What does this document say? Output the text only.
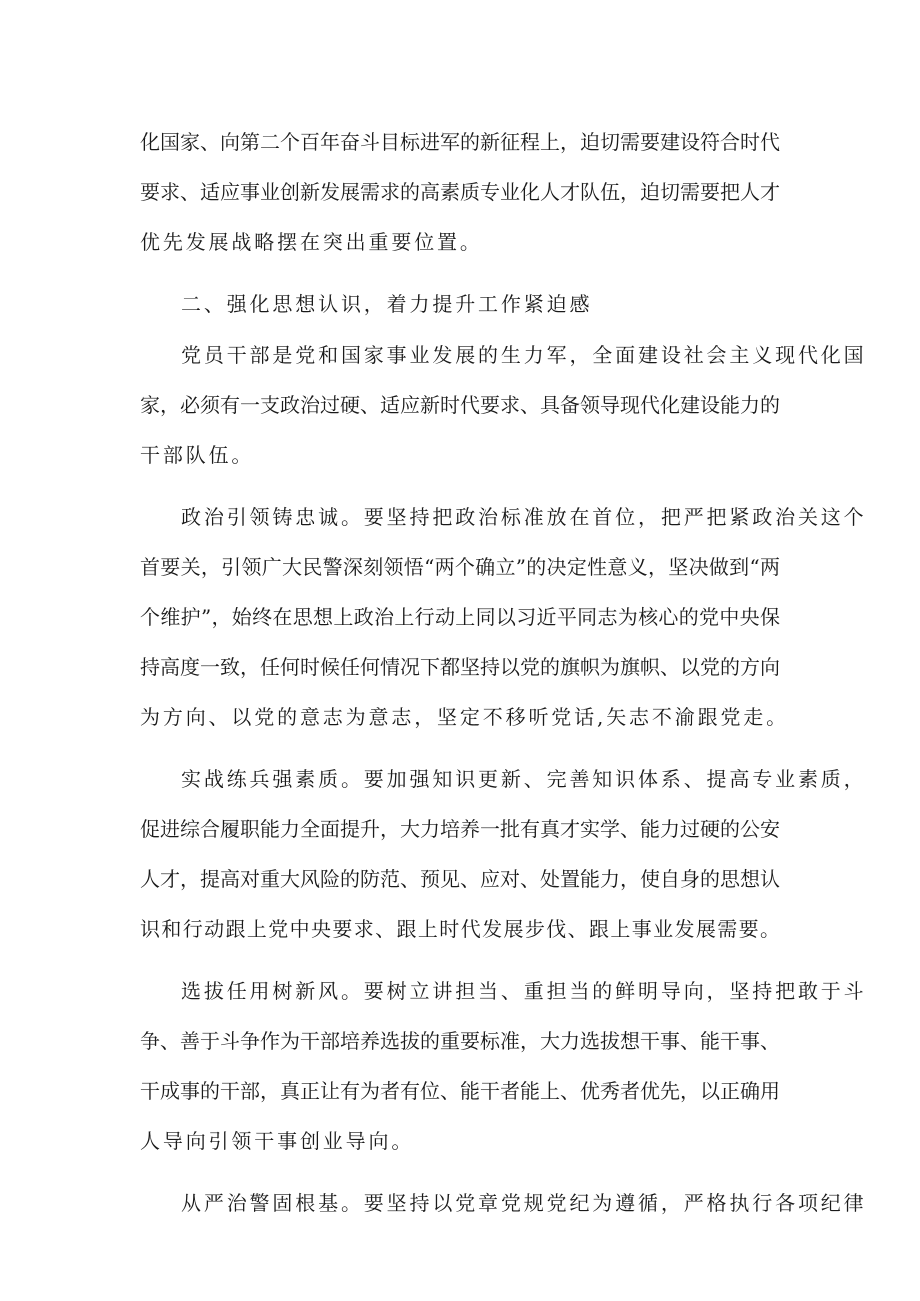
化国家、向第二个百年奋斗目标进军的新征程上，迫切需要建设符合时代
要求、适应事业创新发展需求的高素质专业化人才队伍，迫切需要把人才
优先发展战略摆在突出重要位置。
二、强化思想认识，着力提升工作紧迫感
党员干部是党和国家事业发展的生力军，全面建设社会主义现代化国
家，必须有一支政治过硬、适应新时代要求、具备领导现代化建设能力的
干部队伍。
政治引领铸忠诚。要坚持把政治标准放在首位，把严把紧政治关这个
首要关，引领广大民警深刻领悟“两个确立”的决定性意义，坚决做到“两
个维护”，始终在思想上政治上行动上同以习近平同志为核心的党中央保
持高度一致，任何时候任何情况下都坚持以党的旗帜为旗帜、以党的方向
为方向、以党的意志为意志，坚定不移听党话,矢志不渝跟党走。
实战练兵强素质。要加强知识更新、完善知识体系、提高专业素质，
促进综合履职能力全面提升，大力培养一批有真才实学、能力过硬的公安
人才，提高对重大风险的防范、预见、应对、处置能力，使自身的思想认
识和行动跟上党中央要求、跟上时代发展步伐、跟上事业发展需要。
选拔任用树新风。要树立讲担当、重担当的鲜明导向，坚持把敢于斗
争、善于斗争作为干部培养选拔的重要标准，大力选拔想干事、能干事、
干成事的干部，真正让有为者有位、能干者能上、优秀者优先，以正确用
人导向引领干事创业导向。
从严治警固根基。要坚持以党章党规党纪为遵循，严格执行各项纪律
